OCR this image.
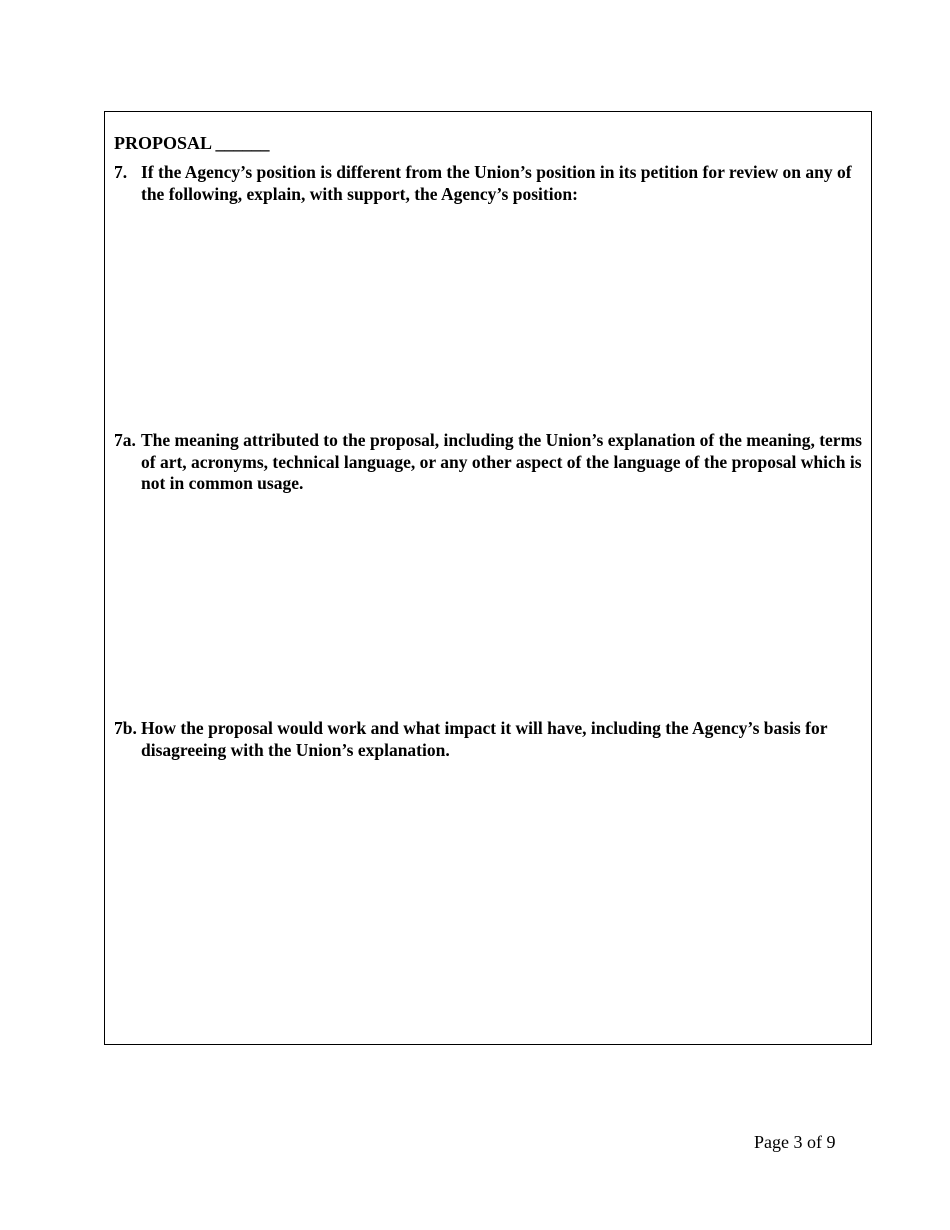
PROPOSAL ______
7. If the Agency’s position is different from the Union’s position in its petition for review on any of the following, explain, with support, the Agency’s position:
7a. The meaning attributed to the proposal, including the Union’s explanation of the meaning, terms of art, acronyms, technical language, or any other aspect of the language of the proposal which is not in common usage.
7b. How the proposal would work and what impact it will have, including the Agency’s basis for disagreeing with the Union’s explanation.
Page 3 of 9
